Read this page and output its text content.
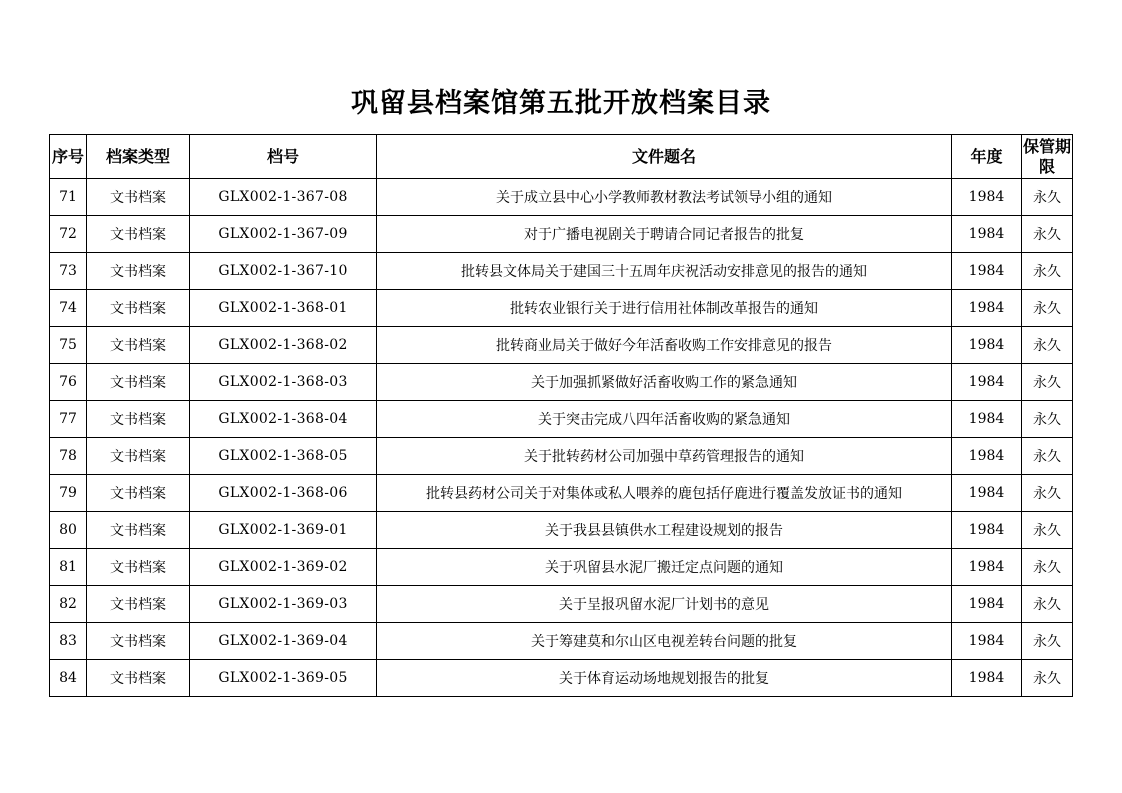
巩留县档案馆第五批开放档案目录
序号	档案类型	档号	文件题名	年度	保管期限
71	文书档案	GLX002-1-367-08	关于成立县中心小学教师教材教法考试领导小组的通知	1984	永久
72	文书档案	GLX002-1-367-09	对于广播电视剧关于聘请合同记者报告的批复	1984	永久
73	文书档案	GLX002-1-367-10	批转县文体局关于建国三十五周年庆祝活动安排意见的报告的通知	1984	永久
74	文书档案	GLX002-1-368-01	批转农业银行关于进行信用社体制改革报告的通知	1984	永久
75	文书档案	GLX002-1-368-02	批转商业局关于做好今年活畜收购工作安排意见的报告	1984	永久
76	文书档案	GLX002-1-368-03	关于加强抓紧做好活畜收购工作的紧急通知	1984	永久
77	文书档案	GLX002-1-368-04	关于突击完成八四年活畜收购的紧急通知	1984	永久
78	文书档案	GLX002-1-368-05	关于批转药材公司加强中草药管理报告的通知	1984	永久
79	文书档案	GLX002-1-368-06	批转县药材公司关于对集体或私人喂养的鹿包括仔鹿进行覆盖发放证书的通知	1984	永久
80	文书档案	GLX002-1-369-01	关于我县县镇供水工程建设规划的报告	1984	永久
81	文书档案	GLX002-1-369-02	关于巩留县水泥厂搬迁定点问题的通知	1984	永久
82	文书档案	GLX002-1-369-03	关于呈报巩留水泥厂计划书的意见	1984	永久
83	文书档案	GLX002-1-369-04	关于筹建莫和尔山区电视差转台问题的批复	1984	永久
84	文书档案	GLX002-1-369-05	关于体育运动场地规划报告的批复	1984	永久
